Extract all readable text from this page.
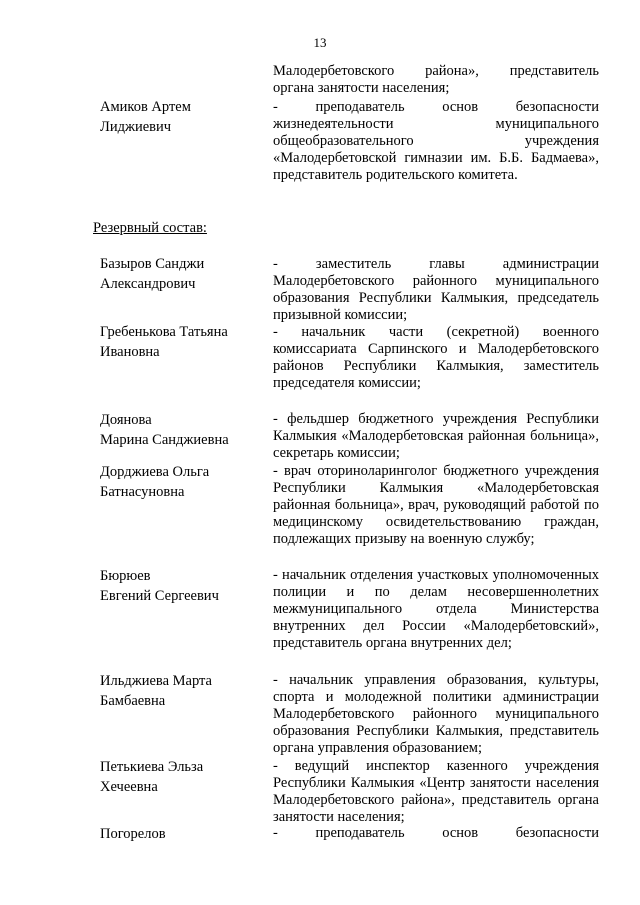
13
Малодербетовского района», представитель
органа занятости населения;
Амиков Артем
Лиджиевич
- преподаватель основ безопасности жизнедеятельности муниципального общеобразовательного учреждения «Малодербетовской гимназии им. Б.Б. Бадмаева», представитель родительского комитета.
Резервный состав:
Базыров Санджи
Александрович
- заместитель главы администрации Малодербетовского районного муниципального образования Республики Калмыкия, председатель призывной комиссии;
Гребенькова Татьяна
Ивановна
- начальник части (секретной) военного комиссариата Сарпинского и Малодербетовского районов Республики Калмыкия, заместитель председателя комиссии;
Доянова
Марина Санджиевна
- фельдшер бюджетного учреждения Республики Калмыкия «Малодербетовская районная больница», секретарь комиссии;
Дорджиева Ольга
Батнасуновна
- врач оториноларинголог бюджетного учреждения Республики Калмыкия «Малодербетовская районная больница», врач, руководящий работой по медицинскому освидетельствованию граждан, подлежащих призыву на военную службу;
Бюрюев
Евгений Сергеевич
- начальник отделения участковых уполномоченных полиции и по делам несовершеннолетних межмуниципального отдела Министерства внутренних дел России «Малодербетовский», представитель органа внутренних дел;
Ильджиева Марта
Бамбаевна
- начальник управления образования, культуры, спорта и молодежной политики администрации Малодербетовского районного муниципального образования Республики Калмыкия, представитель органа управления образованием;
Петькиева Эльза
Хечеевна
- ведущий инспектор казенного учреждения Республики Калмыкия «Центр занятости населения Малодербетовского района», представитель органа занятости населения;
Погорелов	- преподаватель основ безопасности
